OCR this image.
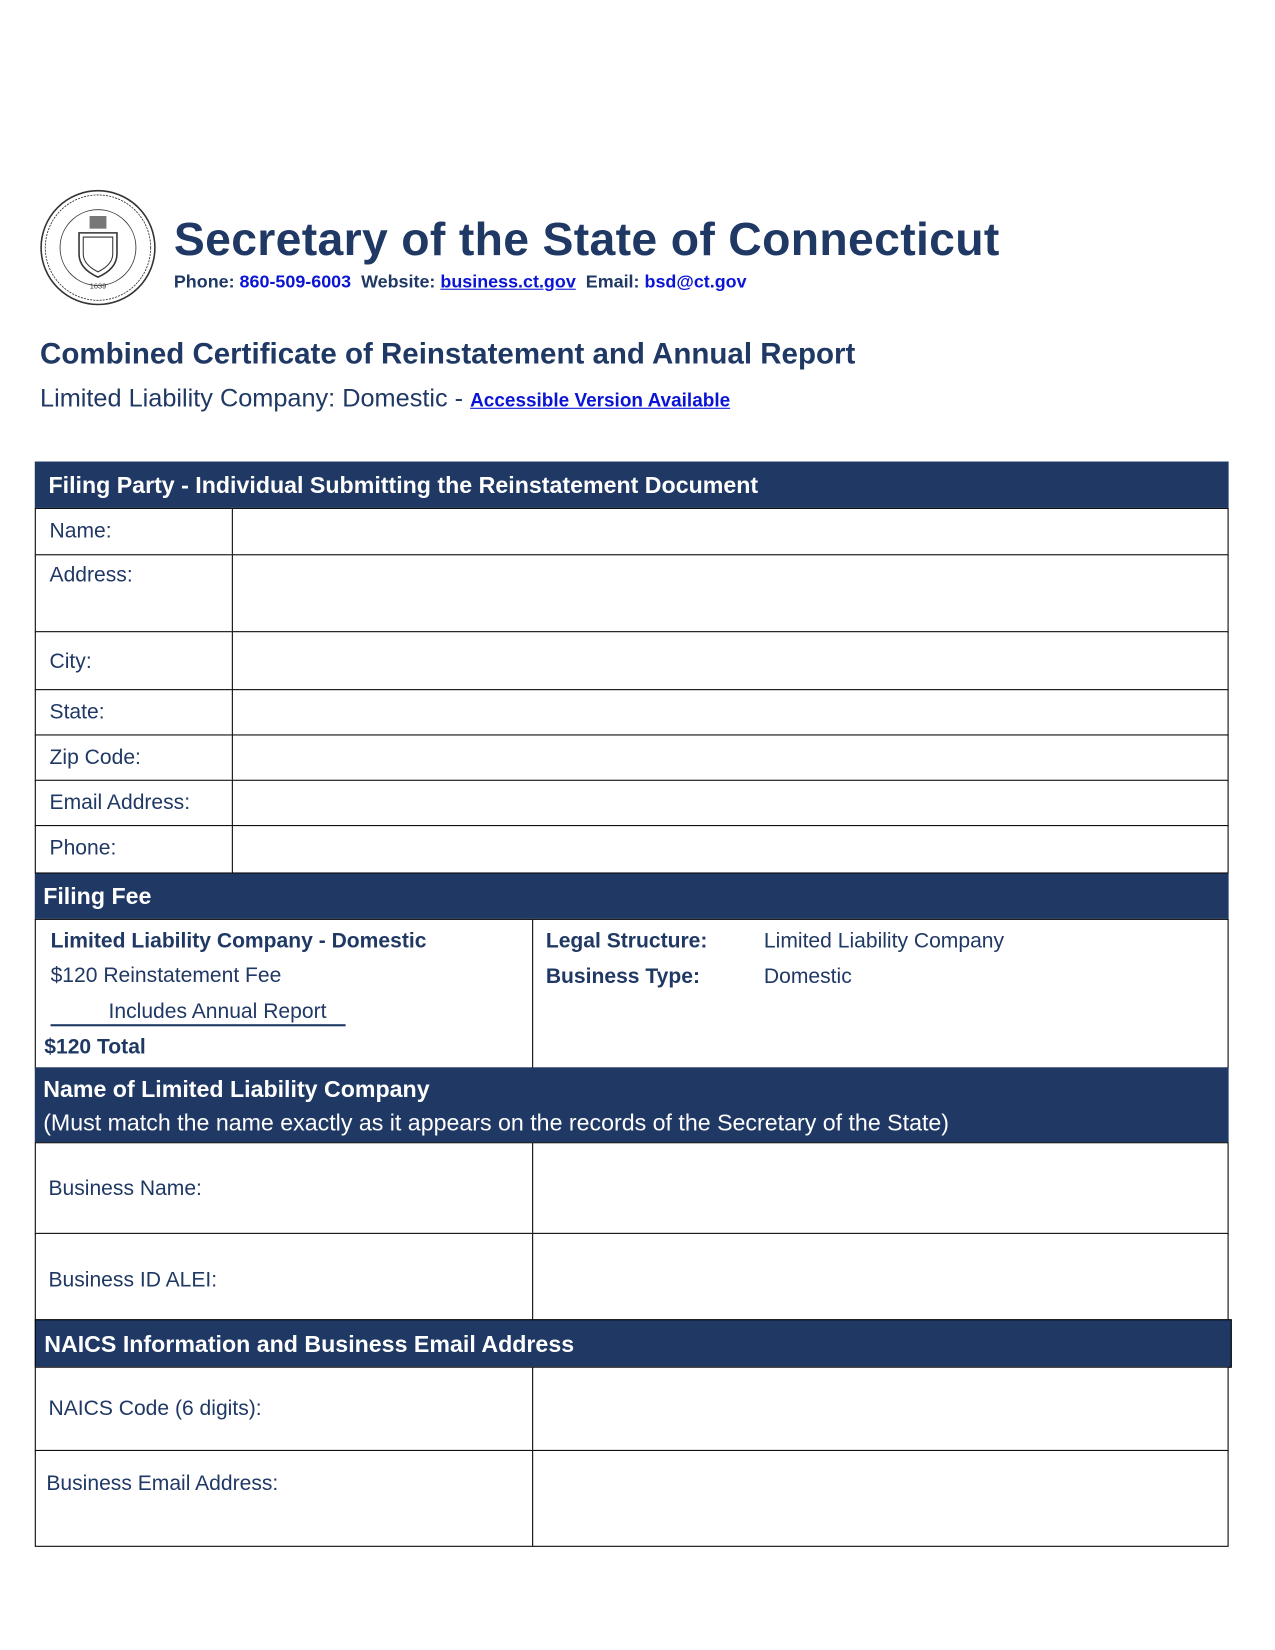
1639
Secretary of the State of Connecticut
Phone: 860-509-6003 Website: business.ct.gov Email: bsd@ct.gov
Combined Certificate of Reinstatement and Annual Report
Limited Liability Company: Domestic - Accessible Version Available
Filing Party - Individual Submitting the Reinstatement Document
Name:
Address:
City:
State:
Zip Code:
Email Address:
Phone:
Filing Fee
Limited Liability Company - Domestic
$120 Reinstatement Fee
Includes Annual Report
$120 Total
Legal Structure:	Limited Liability Company
Business Type:	Domestic
Name of Limited Liability Company
(Must match the name exactly as it appears on the records of the Secretary of the State)
Business Name:
Business ID ALEI:
NAICS Information and Business Email Address
NAICS Code (6 digits):
Business Email Address:
